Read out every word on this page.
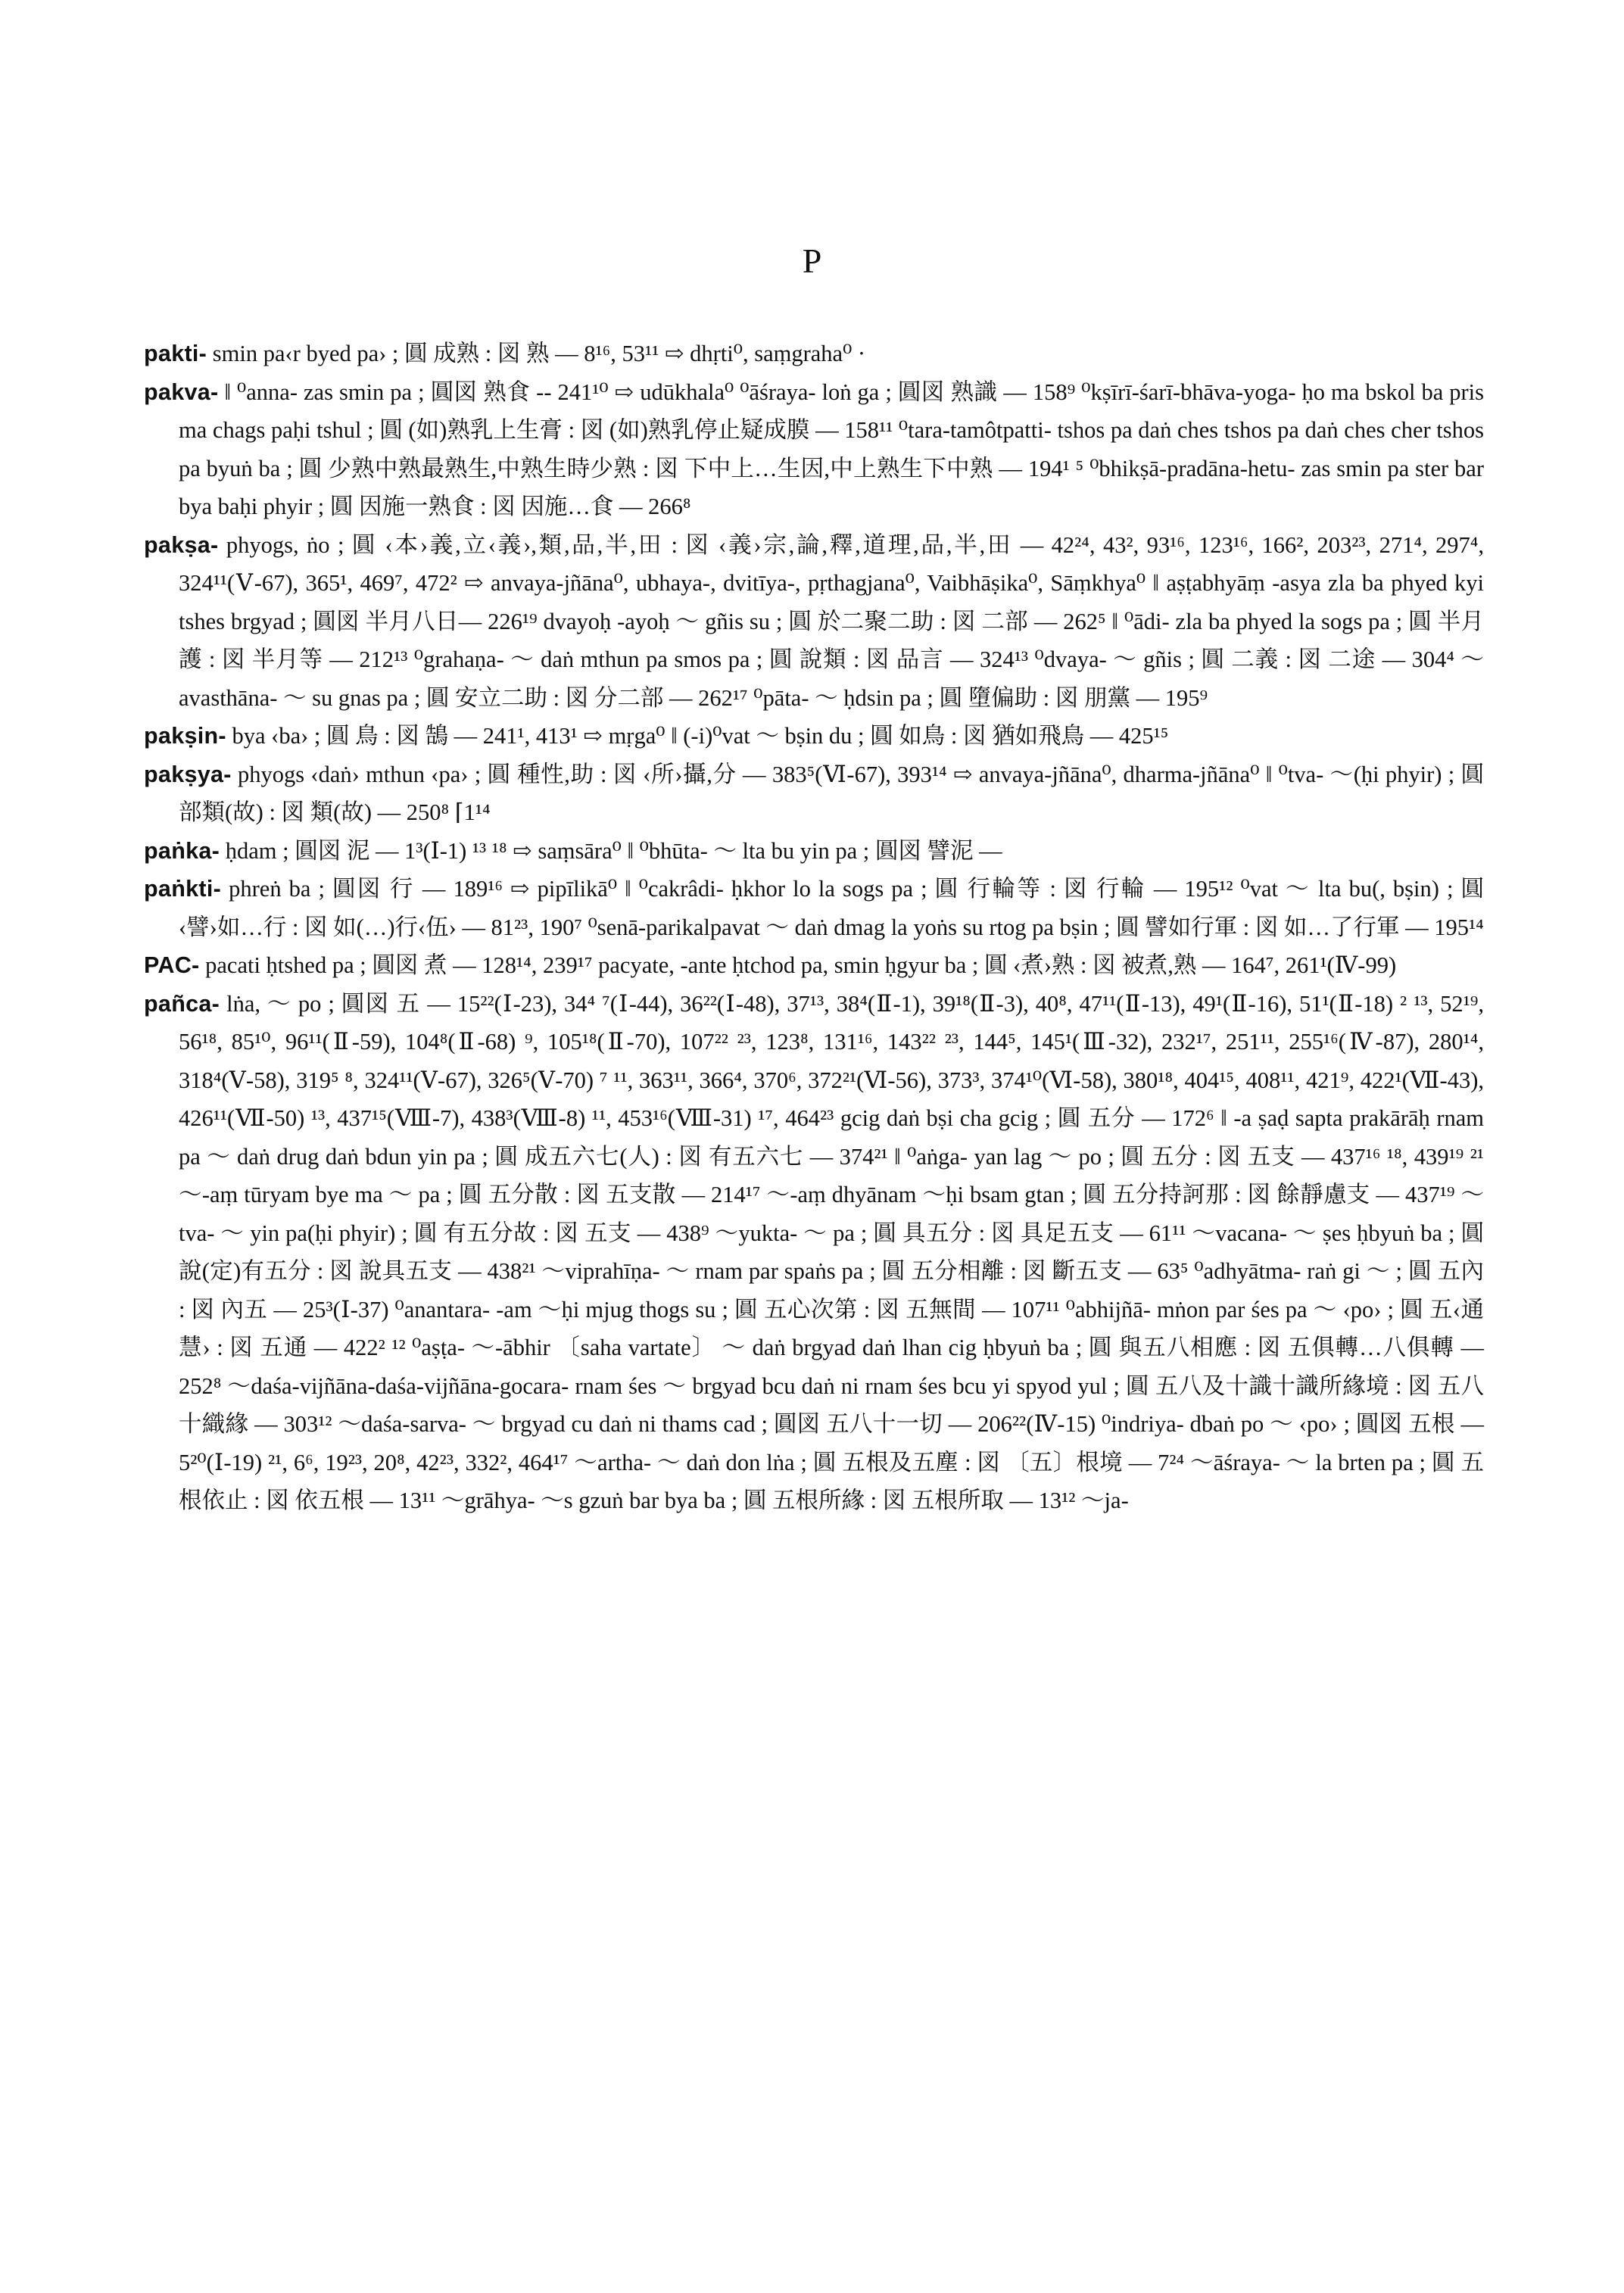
P

pakti- smin pa‹r byed pa› ; 圓 成熟 : 図 熟 — 8¹⁶, 53¹¹ ⇨ dhṛti⁰, saṃgraha⁰ ·

pakva- ‖ ⁰anna- zas smin pa ; 圓図 熟食 -- 241¹⁰ ⇨ udūkhala⁰ ⁰āśraya- loṅ ga ; 圓図 熟識 — 158⁹ ⁰kṣīrī-śarī-bhāva-yoga- ḥo ma bskol ba pris ma chags paḥi tshul ; 圓 (如)熟乳上生膏 : 図 (如)熟乳停止疑成膜 — 158¹¹ ⁰tara-tamôtpatti- tshos pa daṅ ches tshos pa daṅ ches cher tshos pa byuṅ ba ; 圓 少熟中熟最熟生,中熟生時少熟 : 図 下中上…生因,中上熟生下中熟 — 194¹ ⁵ ⁰bhikṣā-pradāna-hetu- zas smin pa ster bar bya baḥi phyir ; 圓 因施一熟食 : 図 因施…食 — 266⁸

pakṣa- phyogs, ṅo ; 圓 ‹本›義,立‹義›,類,品,半,田 : 図 ‹義›宗,論,釋,道理,品,半,田 — 42²⁴, 43², 93¹⁶, 123¹⁶, 166², 203²³, 271⁴, 297⁴, 324¹¹(Ⅴ-67), 365¹, 469⁷, 472² ⇨ anvaya-jñāna⁰, ubhaya-, dvitīya-, pṛthagjana⁰, Vaibhāṣika⁰, Sāṃkhya⁰ ‖ aṣṭabhyāṃ -asya zla ba phyed kyi tshes brgyad ; 圓図 半月八日— 226¹⁹ dvayoḥ -ayoḥ ～ gñis su ; 圓 於二聚二助 : 図 二部 — 262⁵ ‖ ⁰ādi- zla ba phyed la sogs pa ; 圓 半月護 : 図 半月等 — 212¹³ ⁰grahaṇa- ～ daṅ mthun pa smos pa ; 圓 說類 : 図 品言 — 324¹³ ⁰dvaya- ～ gñis ; 圓 二義 : 図 二途 — 304⁴ ～avasthāna- ～ su gnas pa ; 圓 安立二助 : 図 分二部 — 262¹⁷ ⁰pāta- ～ ḥdsin pa ; 圓 墮偏助 : 図 朋黨 — 195⁹

pakṣin- bya ‹ba› ; 圓 鳥 : 図 鵠 — 241¹, 413¹ ⇨ mṛga⁰ ‖ (-i)⁰vat ～ bṣin du ; 圓 如鳥 : 図 猶如飛鳥 — 425¹⁵

pakṣya- phyogs ‹daṅ› mthun ‹pa› ; 圓 種性,助 : 図 ‹所›攝,分 — 383⁵(Ⅵ-67), 393¹⁴ ⇨ anvaya-jñāna⁰, dharma-jñāna⁰ ‖ ⁰tva- ～(ḥi phyir) ; 圓 部類(故) : 図 類(故) — 250⁸ ⌈1¹⁴

paṅka- ḥdam ; 圓図 泥 — 1³(Ⅰ-1) ¹³ ¹⁸ ⇨ saṃsāra⁰ ‖ ⁰bhūta- ～ lta bu yin pa ; 圓図 譬泥 —

paṅkti- phreṅ ba ; 圓図 行 — 189¹⁶ ⇨ pipīlikā⁰ ‖ ⁰cakrâdi- ḥkhor lo la sogs pa ; 圓 行輪等 : 図 行輪 — 195¹² ⁰vat ～ lta bu(, bṣin) ; 圓 ‹譬›如…行 : 図 如(…)行‹伍› — 81²³, 190⁷ ⁰senā-parikalpavat ～ daṅ dmag la yoṅs su rtog pa bṣin ; 圓 譬如行軍 : 図 如…了行軍 — 195¹⁴

PAC- pacati ḥtshed pa ; 圓図 煮 — 128¹⁴, 239¹⁷ pacyate, -ante ḥtchod pa, smin ḥgyur ba ; 圓 ‹煮›熟 : 図 被煮,熟 — 164⁷, 261¹(Ⅳ-99)

pañca- lṅa, ～ po ; 圓図 五 — 15²²(Ⅰ-23), 34⁴ ⁷(Ⅰ-44), 36²²(Ⅰ-48), 37¹³, 38⁴(Ⅱ-1), 39¹⁸(Ⅱ-3), 40⁸, 47¹¹(Ⅱ-13), 49¹(Ⅱ-16), 51¹(Ⅱ-18) ² ¹³, 52¹⁹, 56¹⁸, 85¹⁰, 96¹¹(Ⅱ-59), 104⁸(Ⅱ-68) ⁹, 105¹⁸(Ⅱ-70), 107²² ²³, 123⁸, 131¹⁶, 143²² ²³, 144⁵, 145¹(Ⅲ-32), 232¹⁷, 251¹¹, 255¹⁶(Ⅳ-87), 280¹⁴, 318⁴(Ⅴ-58), 319⁵ ⁸, 324¹¹(Ⅴ-67), 326⁵(Ⅴ-70) ⁷ ¹¹, 363¹¹, 366⁴, 370⁶, 372²¹(Ⅵ-56), 373³, 374¹⁰(Ⅵ-58), 380¹⁸, 404¹⁵, 408¹¹, 421⁹, 422¹(Ⅶ-43), 426¹¹(Ⅶ-50) ¹³, 437¹⁵(Ⅷ-7), 438³(Ⅷ-8) ¹¹, 453¹⁶(Ⅷ-31) ¹⁷, 464²³ gcig daṅ bṣi cha gcig ; 圓 五分 — 172⁶ ‖ -a ṣaḍ sapta prakārāḥ rnam pa ～ daṅ drug daṅ bdun yin pa ; 圓 成五六七(人) : 図 有五六七 — 374²¹ ‖ ⁰aṅga- yan lag ～ po ; 圓 五分 : 図 五支 — 437¹⁶ ¹⁸, 439¹⁹ ²¹ ～-aṃ tūryam bye ma ～ pa ; 圓 五分散 : 図 五支散 — 214¹⁷ ～-aṃ dhyānam ～ḥi bsam gtan ; 圓 五分持訶那 : 図 餘靜慮支 — 437¹⁹ ～tva- ～ yin pa(ḥi phyir) ; 圓 有五分故 : 図 五支 — 438⁹ ～yukta- ～ pa ; 圓 具五分 : 図 具足五支 — 61¹¹ ～vacana- ～ ṣes ḥbyuṅ ba ; 圓 說(定)有五分 : 図 說具五支 — 438²¹ ～viprahīṇa- ～ rnam par spaṅs pa ; 圓 五分相離 : 図 斷五支 — 63⁵ ⁰adhyātma- raṅ gi ～ ; 圓 五內 : 図 內五 — 25³(Ⅰ-37) ⁰anantara- -am ～ḥi mjug thogs su ; 圓 五心次第 : 図 五無間 — 107¹¹ ⁰abhijñā- mṅon par śes pa ～ ‹po› ; 圓 五‹通慧› : 図 五通 — 422² ¹² ⁰aṣṭa- ～-ābhir 〔saha vartate〕 ～ daṅ brgyad daṅ lhan cig ḥbyuṅ ba ; 圓 與五八相應 : 図 五俱轉…八俱轉 — 252⁸ ～daśa-vijñāna-daśa-vijñāna-gocara- rnam śes ～ brgyad bcu daṅ ni rnam śes bcu yi spyod yul ; 圓 五八及十識十識所緣境 : 図 五八十織緣 — 303¹² ～daśa-sarva- ～ brgyad cu daṅ ni thams cad ; 圓図 五八十一切 — 206²²(Ⅳ-15) ⁰indriya- dbaṅ po ～ ‹po› ; 圓図 五根 — 5²⁰(Ⅰ-19) ²¹, 6⁶, 19²³, 20⁸, 42²³, 332², 464¹⁷ ～artha- ～ daṅ don lṅa ; 圓 五根及五塵 : 図 〔五〕根境 — 7²⁴ ～āśraya- ～ la brten pa ; 圓 五根依止 : 図 依五根 — 13¹¹ ～grāhya- ～s gzuṅ bar bya ba ; 圓 五根所緣 : 図 五根所取 — 13¹² ～ja-
